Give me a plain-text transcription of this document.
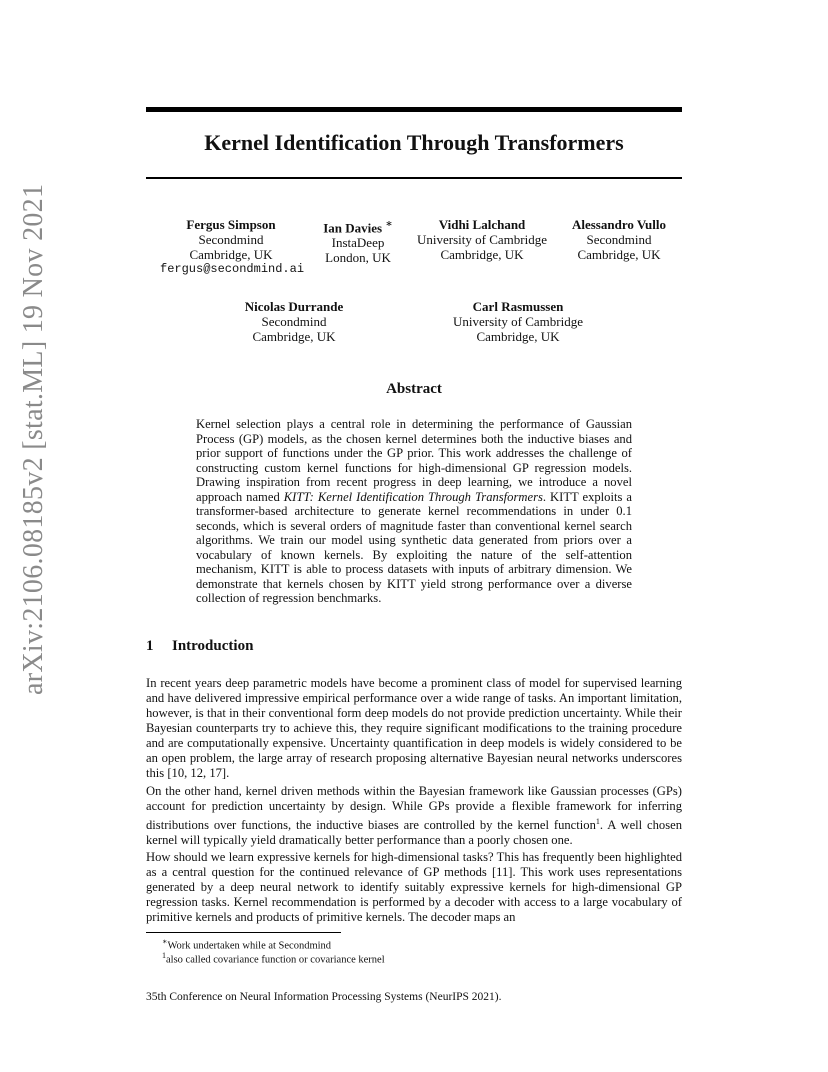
arXiv:2106.08185v2 [stat.ML] 19 Nov 2021
Kernel Identification Through Transformers
Fergus Simpson
Secondmind
Cambridge, UK
fergus@secondmind.ai
Ian Davies ∗
InstaDeep
London, UK
Vidhi Lalchand
University of Cambridge
Cambridge, UK
Alessandro Vullo
Secondmind
Cambridge, UK
Nicolas Durrande
Secondmind
Cambridge, UK
Carl Rasmussen
University of Cambridge
Cambridge, UK
Abstract

Kernel selection plays a central role in determining the performance of Gaussian Process (GP) models, as the chosen kernel determines both the inductive biases and prior support of functions under the GP prior. This work addresses the challenge of constructing custom kernel functions for high-dimensional GP regression models. Drawing inspiration from recent progress in deep learning, we introduce a novel approach named KITT: Kernel Identification Through Transformers. KITT exploits a transformer-based architecture to generate kernel recommendations in under 0.1 seconds, which is several orders of magnitude faster than conventional kernel search algorithms. We train our model using synthetic data generated from priors over a vocabulary of known kernels. By exploiting the nature of the self-attention mechanism, KITT is able to process datasets with inputs of arbitrary dimension. We demonstrate that kernels chosen by KITT yield strong performance over a diverse collection of regression benchmarks.

1 Introduction

In recent years deep parametric models have become a prominent class of model for supervised learning and have delivered impressive empirical performance over a wide range of tasks. An important limitation, however, is that in their conventional form deep models do not provide prediction uncertainty. While their Bayesian counterparts try to achieve this, they require significant modifications to the training procedure and are computationally expensive. Uncertainty quantification in deep models is widely considered to be an open problem, the large array of research proposing alternative Bayesian neural networks underscores this [10, 12, 17].

On the other hand, kernel driven methods within the Bayesian framework like Gaussian processes (GPs) account for prediction uncertainty by design. While GPs provide a flexible framework for inferring distributions over functions, the inductive biases are controlled by the kernel function$^1$. A well chosen kernel will typically yield dramatically better performance than a poorly chosen one.

How should we learn expressive kernels for high-dimensional tasks? This has frequently been highlighted as a central question for the continued relevance of GP methods [11]. This work uses representations generated by a deep neural network to identify suitably expressive kernels for high-dimensional GP regression tasks. Kernel recommendation is performed by a decoder with access to a large vocabulary of primitive kernels and products of primitive kernels. The decoder maps an

∗Work undertaken while at Secondmind

$^1$also called covariance function or covariance kernel

35th Conference on Neural Information Processing Systems (NeurIPS 2021).
